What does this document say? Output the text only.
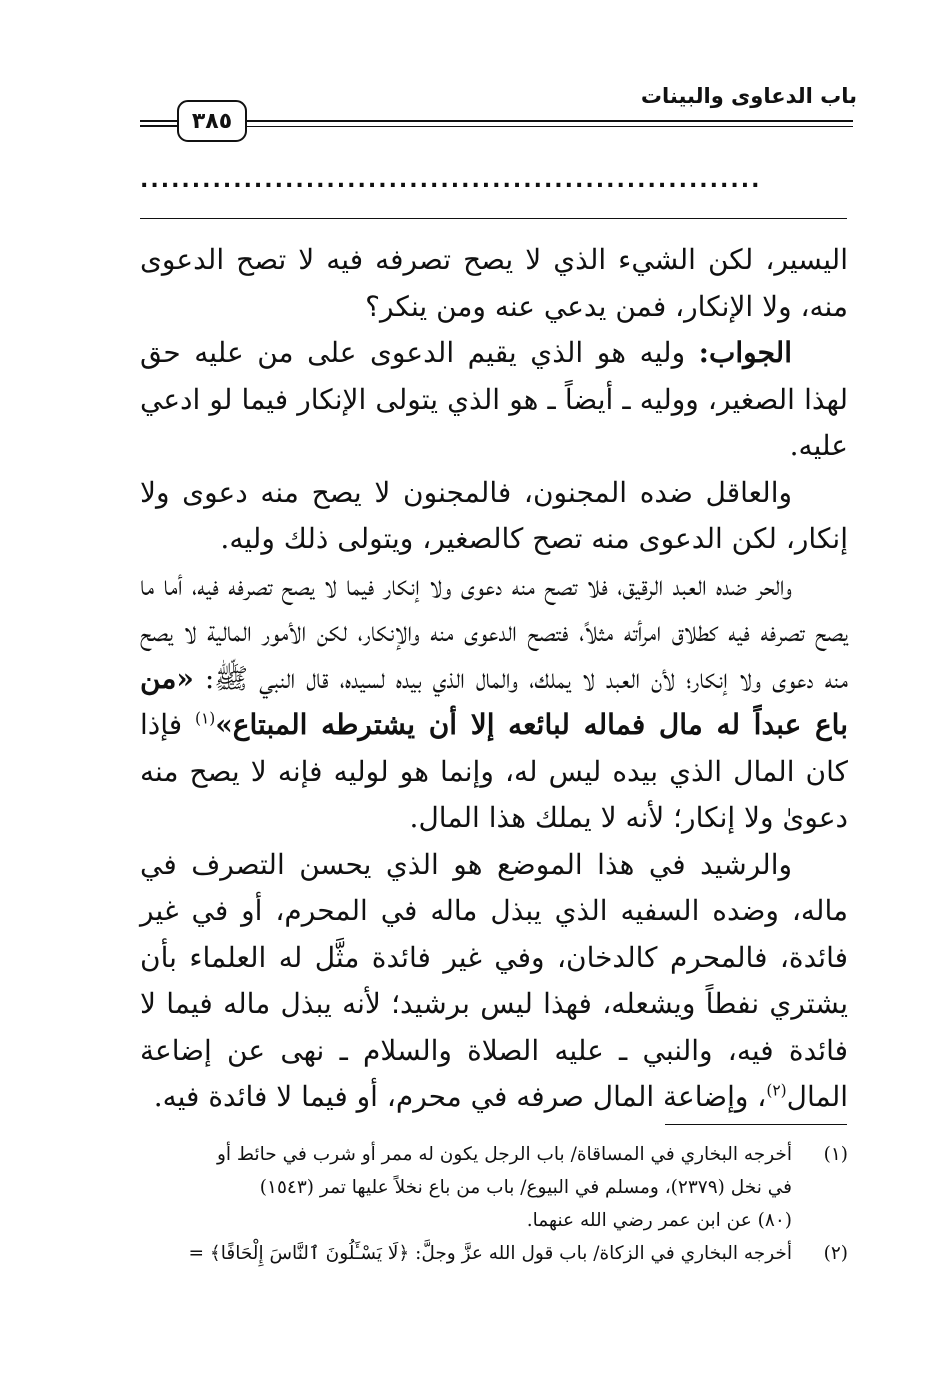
باب الدعاوى والبينات
٣٨٥
............................................................

اليسير، لكن الشيء الذي لا يصح تصرفه فيه لا تصح الدعوى منه، ولا الإنكار، فمن يدعي عنه ومن ينكر؟

الجواب: وليه هو الذي يقيم الدعوى على من عليه حق لهذا الصغير، ووليه ـ أيضاً ـ هو الذي يتولى الإنكار فيما لو ادعي عليه.

والعاقل ضده المجنون، فالمجنون لا يصح منه دعوى ولا إنكار، لكن الدعوى منه تصح كالصغير، ويتولى ذلك وليه.

والحر ضده العبد الرقيق، فلا تصح منه دعوى ولا إنكار فيما لا يصح تصرفه فيه، أما ما يصح تصرفه فيه كطلاق امرأته مثلاً، فتصح الدعوى منه والإنكار، لكن الأمور المالية لا يصح منه دعوى ولا إنكار؛ لأن العبد لا يملك، والمال الذي بيده لسيده، قال النبي ﷺ: «من باع عبداً له مال فماله لبائعه إلا أن يشترطه المبتاع»$^{(١)}$ فإذا كان المال الذي بيده ليس له، وإنما هو لوليه فإنه لا يصح منه دعوىٰ ولا إنكار؛ لأنه لا يملك هذا المال.

والرشيد في هذا الموضع هو الذي يحسن التصرف في ماله، وضده السفيه الذي يبذل ماله في المحرم، أو في غير فائدة، فالمحرم كالدخان، وفي غير فائدة مثَّل له العلماء بأن يشتري نفطاً ويشعله، فهذا ليس برشيد؛ لأنه يبذل ماله فيما لا فائدة فيه، والنبي ـ عليه الصلاة والسلام ـ نهى عن إضاعة المال$^{(٢)}$، وإضاعة المال صرفه في محرم، أو فيما لا فائدة فيه.

(١)
أخرجه البخاري في المساقاة/ باب الرجل يكون له ممر أو شرب في حائط أو
في نخل (٢٣٧٩)، ومسلم في البيوع/ باب من باع نخلاً عليها تمر (١٥٤٣)
(٨٠) عن ابن عمر رضي الله عنهما.
(٢)
أخرجه البخاري في الزكاة/ باب قول الله عزَّ وجلَّ: ﴿لَا يَسْـَٔلُونَ ٱلنَّاسَ إِلْحَافًا﴾ =
